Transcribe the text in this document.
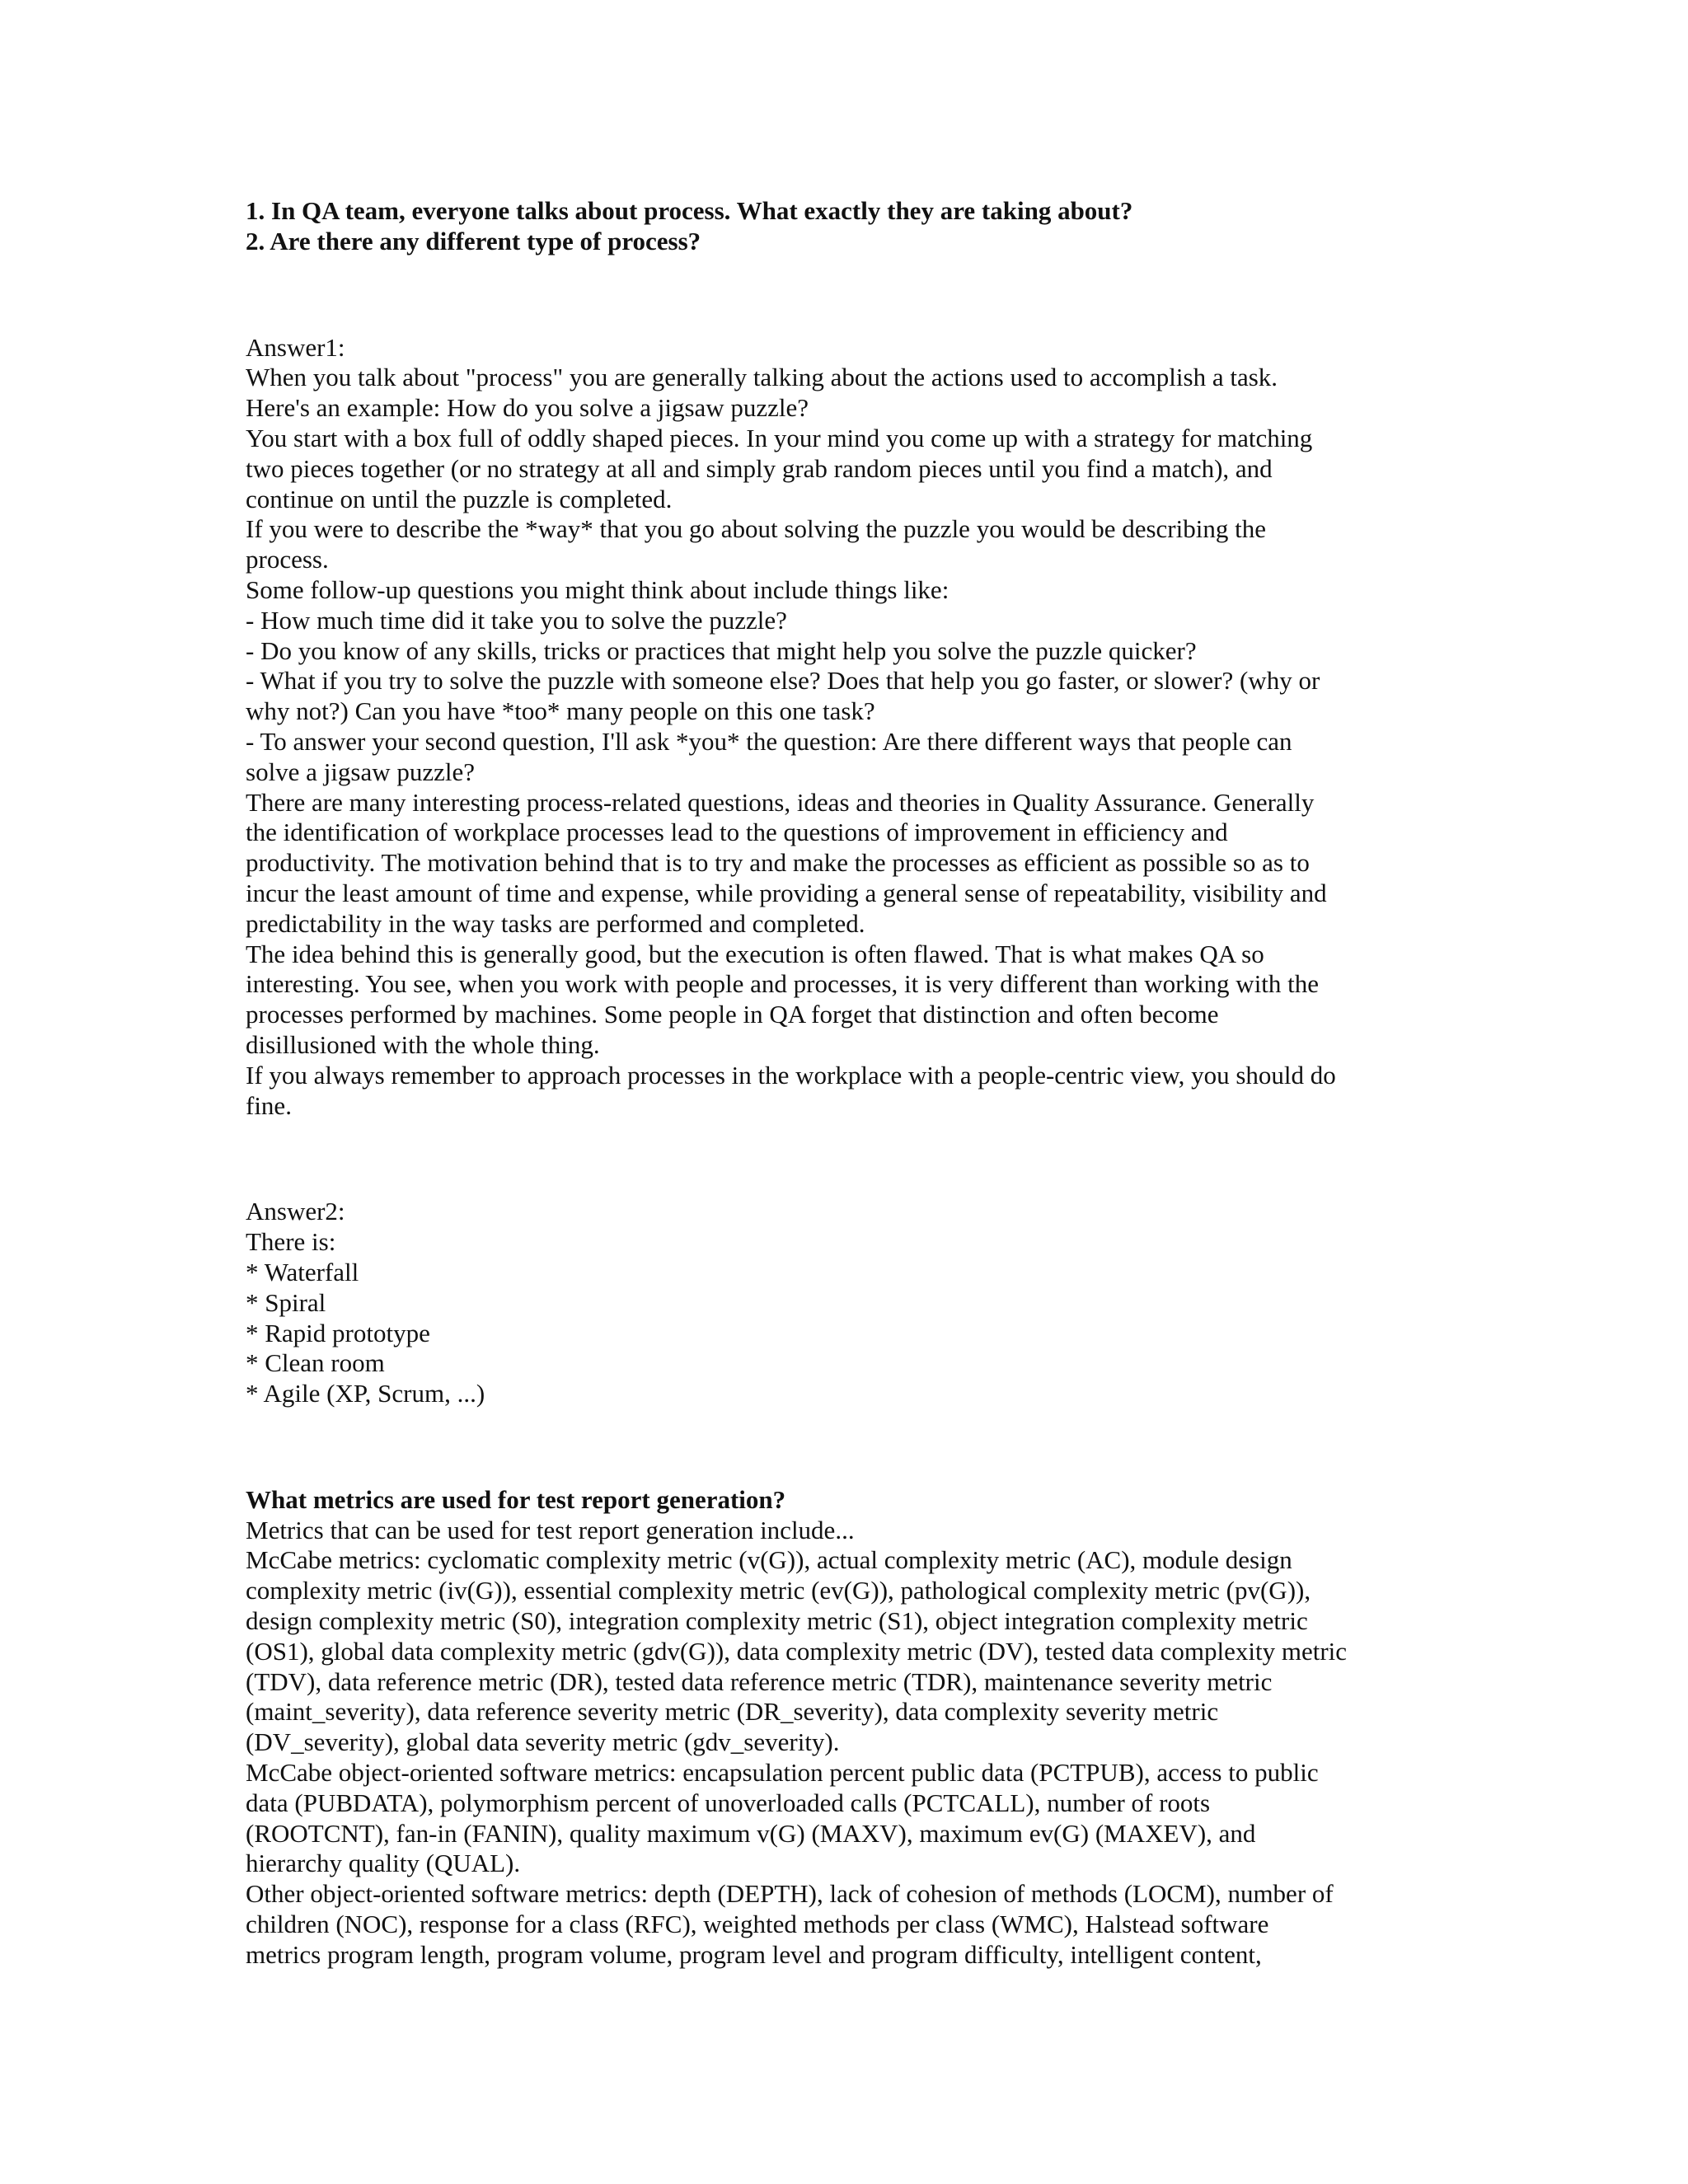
1. In QA team, everyone talks about process. What exactly they are taking about?
2. Are there any different type of process?
Answer1:
When you talk about "process" you are generally talking about the actions used to accomplish a task.
Here's an example: How do you solve a jigsaw puzzle?
You start with a box full of oddly shaped pieces. In your mind you come up with a strategy for matching
two pieces together (or no strategy at all and simply grab random pieces until you find a match), and
continue on until the puzzle is completed.
If you were to describe the *way* that you go about solving the puzzle you would be describing the
process.
Some follow-up questions you might think about include things like:
- How much time did it take you to solve the puzzle?
- Do you know of any skills, tricks or practices that might help you solve the puzzle quicker?
- What if you try to solve the puzzle with someone else? Does that help you go faster, or slower? (why or
why not?) Can you have *too* many people on this one task?
- To answer your second question, I'll ask *you* the question: Are there different ways that people can
solve a jigsaw puzzle?
There are many interesting process-related questions, ideas and theories in Quality Assurance. Generally
the identification of workplace processes lead to the questions of improvement in efficiency and
productivity. The motivation behind that is to try and make the processes as efficient as possible so as to
incur the least amount of time and expense, while providing a general sense of repeatability, visibility and
predictability in the way tasks are performed and completed.
The idea behind this is generally good, but the execution is often flawed. That is what makes QA so
interesting. You see, when you work with people and processes, it is very different than working with the
processes performed by machines. Some people in QA forget that distinction and often become
disillusioned with the whole thing.
If you always remember to approach processes in the workplace with a people-centric view, you should do
fine.
Answer2:
There is:
* Waterfall
* Spiral
* Rapid prototype
* Clean room
* Agile (XP, Scrum, ...)
What metrics are used for test report generation?
Metrics that can be used for test report generation include...
McCabe metrics: cyclomatic complexity metric (v(G)), actual complexity metric (AC), module design
complexity metric (iv(G)), essential complexity metric (ev(G)), pathological complexity metric (pv(G)),
design complexity metric (S0), integration complexity metric (S1), object integration complexity metric
(OS1), global data complexity metric (gdv(G)), data complexity metric (DV), tested data complexity metric
(TDV), data reference metric (DR), tested data reference metric (TDR), maintenance severity metric
(maint_severity), data reference severity metric (DR_severity), data complexity severity metric
(DV_severity), global data severity metric (gdv_severity).
McCabe object-oriented software metrics: encapsulation percent public data (PCTPUB), access to public
data (PUBDATA), polymorphism percent of unoverloaded calls (PCTCALL), number of roots
(ROOTCNT), fan-in (FANIN), quality maximum v(G) (MAXV), maximum ev(G) (MAXEV), and
hierarchy quality (QUAL).
Other object-oriented software metrics: depth (DEPTH), lack of cohesion of methods (LOCM), number of
children (NOC), response for a class (RFC), weighted methods per class (WMC), Halstead software
metrics program length, program volume, program level and program difficulty, intelligent content,
